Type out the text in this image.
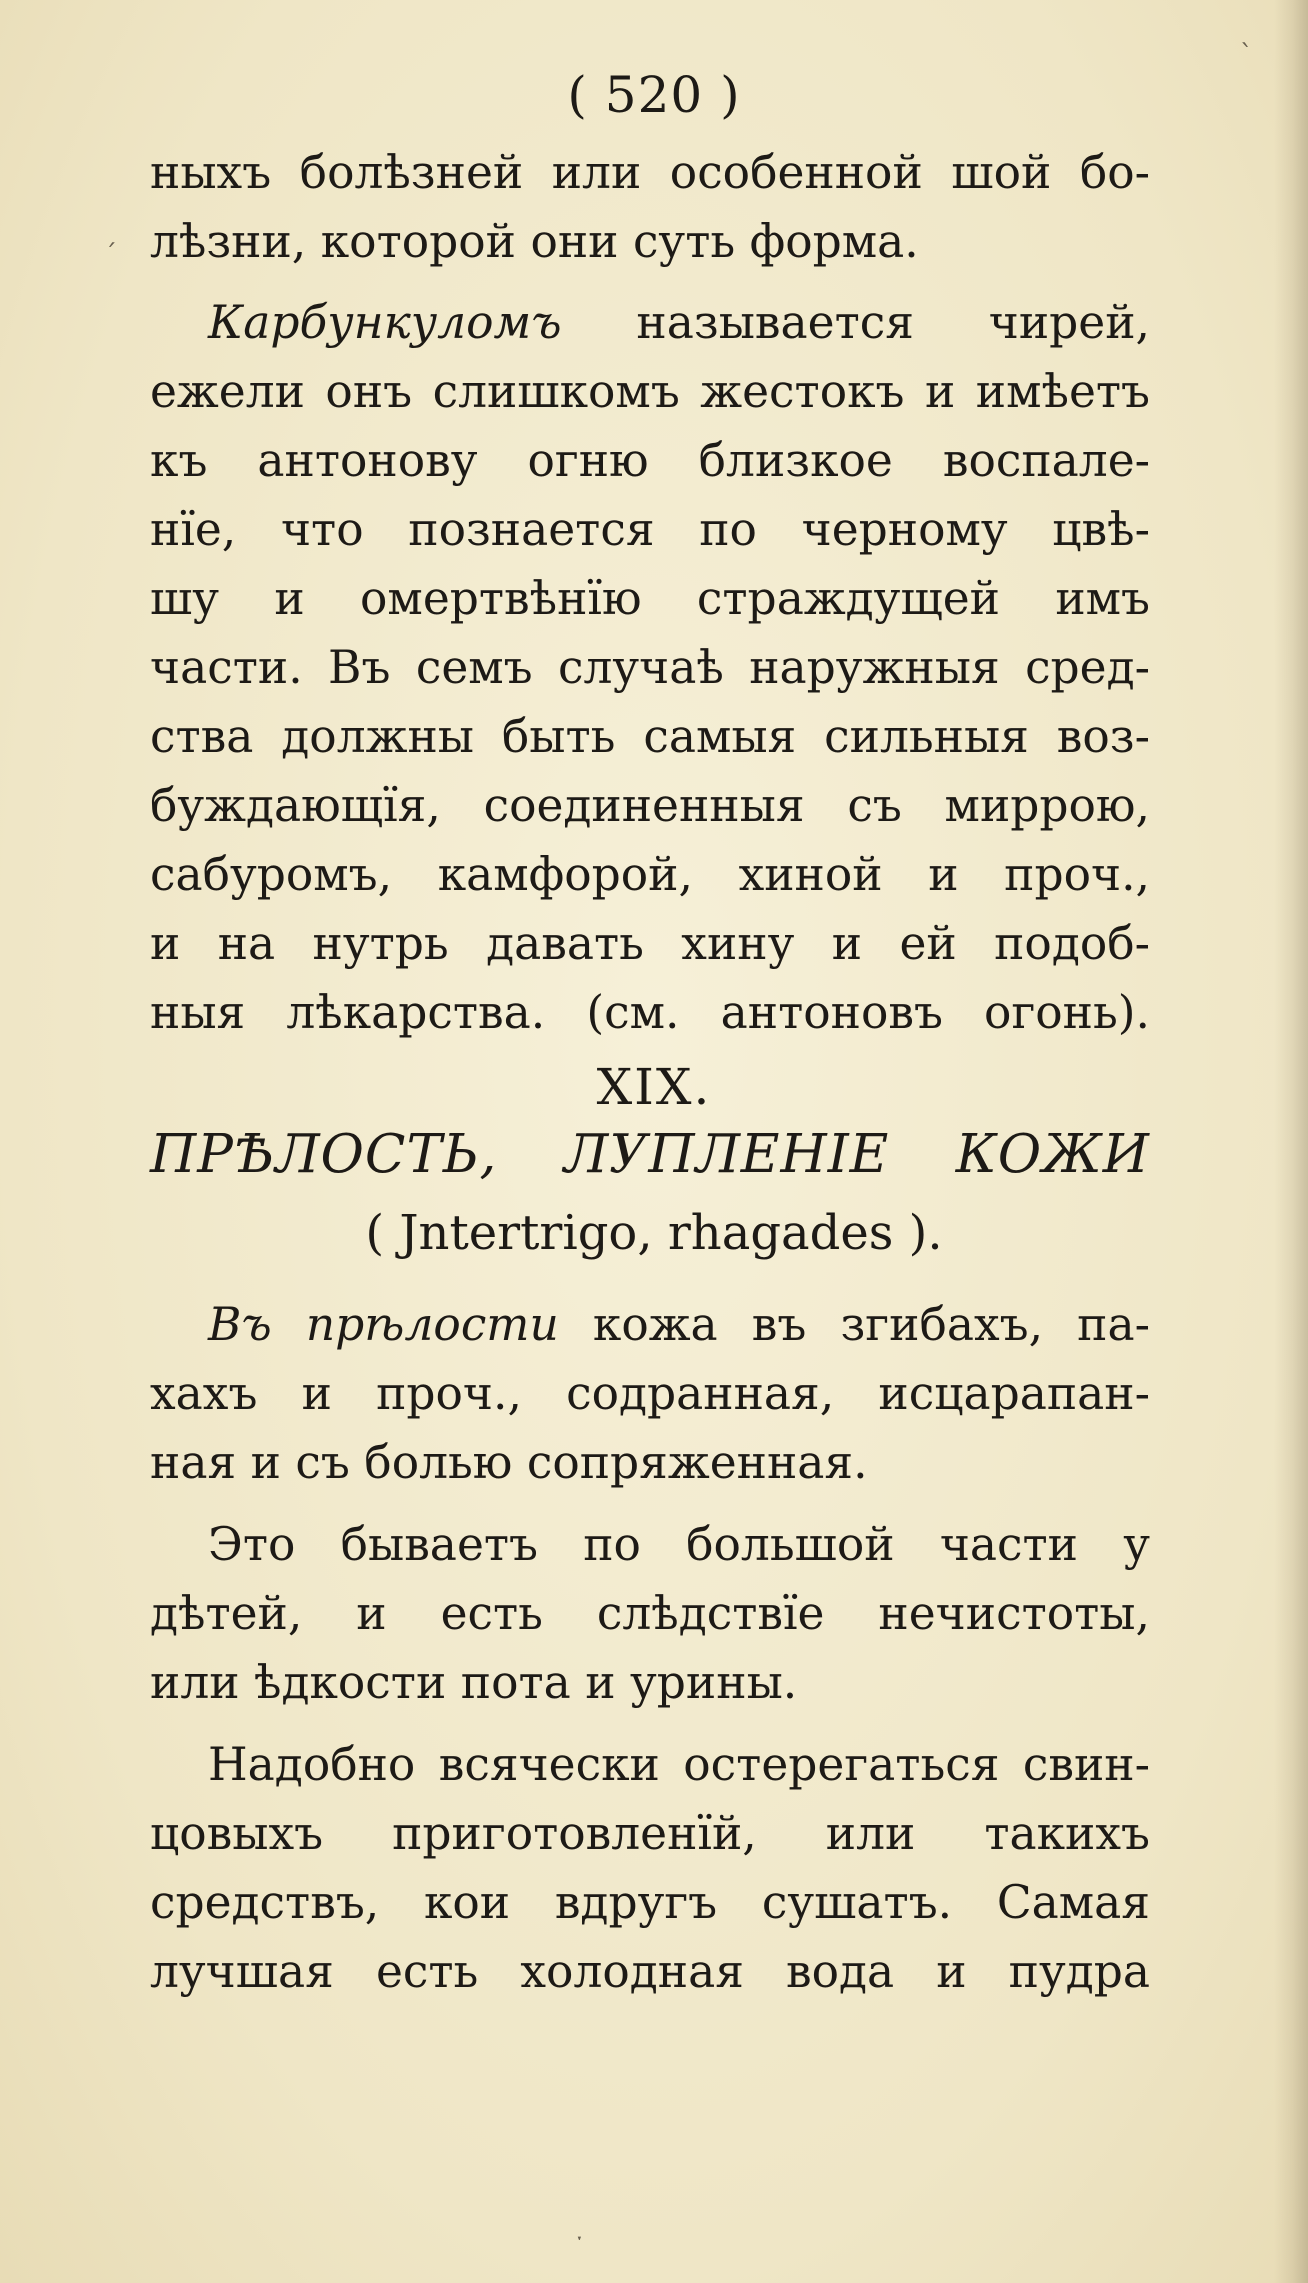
( 520 )
ныхъ болѣзней или особенной шой бо-
лѣзни, которой они суть форма.
Карбункуломъ называется чирей,
ежели онъ слишкомъ жестокъ и имѣетъ
къ антонову огню близкое воспале-
нїе, что познается по черному цвѣ-
шу и омертвѣнїю страждущей имъ
части. Въ семъ случаѣ наружныя сред-
ства должны быть самыя сильныя воз-
буждающїя, соединенныя съ миррою,
сабуромъ, камфорой, хиной и проч.,
и на нутрь давать хину и ей подоб-
ныя лѣкарства. (см. антоновъ огонь).
XIX.
ПРѢЛОСТЬ, ЛУПЛЕНІЕ КОЖИ
( Jntertrigo, rhagades ).
Въ прѣлости кожа въ згибахъ, па-
хахъ и проч., содранная, исцарапан-
ная и съ болью сопряженная.
Это бываетъ по большой части у
дѣтей, и есть слѣдствїе нечистоты,
или ѣдкости пота и урины.
Надобно всячески остерегаться свин-
цовыхъ приготовленїй, или такихъ
средствъ, кои вдругъ сушатъ. Самая
лучшая есть холодная вода и пудра
ˋ
ˊ
ˑ
